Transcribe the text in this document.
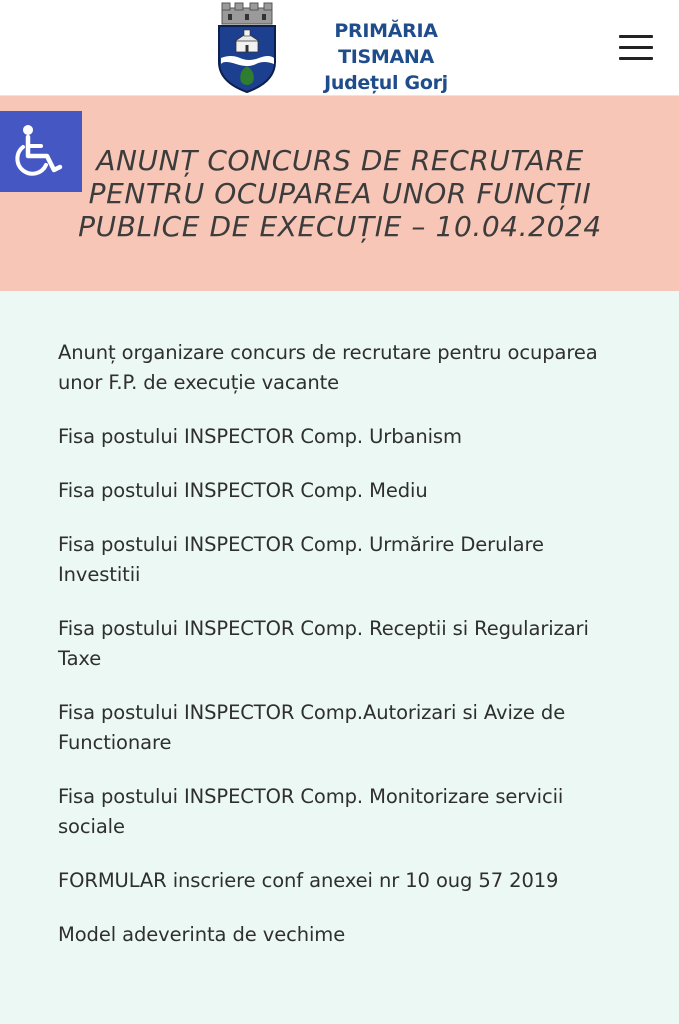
PRIMĂRIA TISMANA
Județul Gorj
ANUNȚ CONCURS DE RECRUTARE PENTRU OCUPAREA UNOR FUNCȚII PUBLICE DE EXECUȚIE – 10.04.2024
Anunț organizare concurs de recrutare pentru ocuparea unor F.P. de execuție vacante
Fisa postului INSPECTOR Comp. Urbanism
Fisa postului INSPECTOR Comp. Mediu
Fisa postului INSPECTOR Comp. Urmărire Derulare Investitii
Fisa postului INSPECTOR Comp. Receptii si Regularizari Taxe
Fisa postului INSPECTOR Comp.Autorizari si Avize de Functionare
Fisa postului INSPECTOR Comp. Monitorizare servicii sociale
FORMULAR inscriere conf anexei nr 10 oug 57 2019
Model adeverinta de vechime
